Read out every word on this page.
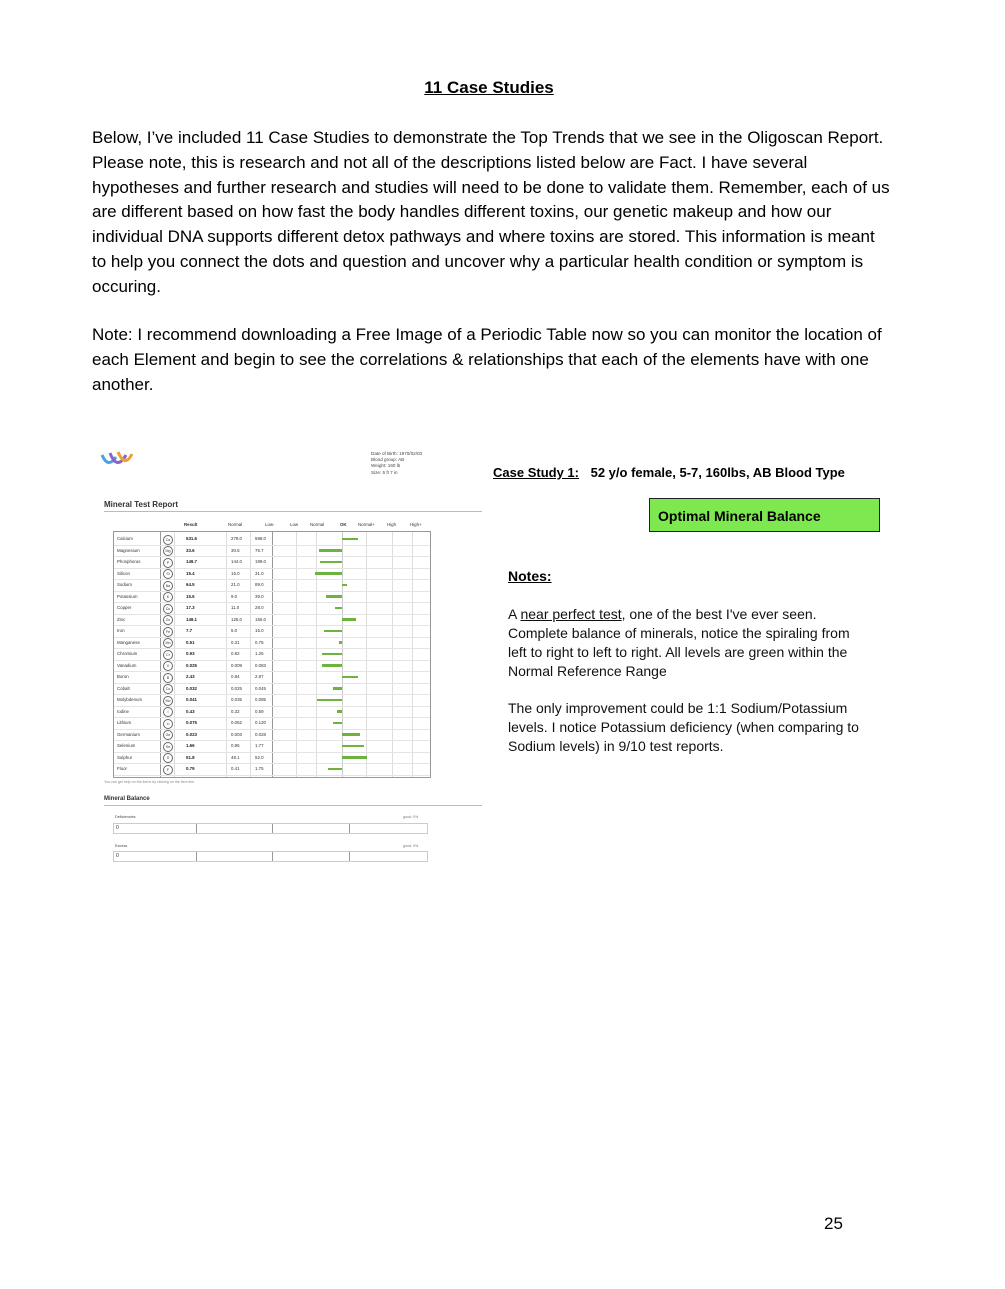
11 Case Studies
Below, I’ve included 11 Case Studies to demonstrate the Top Trends that we see in the Oligoscan Report. Please note, this is research and not all of the descriptions listed below are Fact. I have several hypotheses and further research and studies will need to be done to validate them. Remember, each of us are different based on how fast the body handles different toxins, our genetic makeup and how our individual DNA supports different detox pathways and where toxins are stored. This information is meant to help you connect the dots and question and uncover why a particular health condition or symptom is occuring.
Note: I recommend downloading a Free Image of a Periodic Table now so you can monitor the location of each Element and begin to see the correlations & relationships that each of the elements have with one another.
Date of Birth: 1970/02/03
Blood group: AB
Weight: 160 lb
Size: 5 ft 7 in
Mineral Test Report
Result	Normal	Low-	Low	Normal	OK	Normal+	High	High+
Calcium	Ca	531.6	279.0	598.0
Magnesium	Mg	33.6	30.5	75.7
Phosphorus	P	149.7	144.0	199.0
Silicon	Si	15.4	15.0	31.0
Sodium	Na	64.5	21.0	89.0
Potassium	K	15.6	9.0	39.0
Copper	Cu	17.3	11.0	28.0
Zinc	Zn	149.1	125.0	155.0
Iron	Fe	7.7	5.0	15.0
Manganese	Mn	0.51	0.31	0.75
Chromium	Cr	0.93	0.82	1.25
Vanadium	V	0.025	0.009	0.083
Boron	B	2.43	0.84	2.87
Cobalt	Co	0.032	0.025	0.045
Molybdenum	Mo	0.041	0.035	0.085
Iodine	I	0.43	0.32	0.59
Lithium	Li	0.075	0.052	0.120
Germanium	Ge	0.023	0.003	0.028
Selenium	Se	1.66	0.95	1.77
Sulphur	S	51.8	48.1	52.0
Fluor	F	0.79	0.41	1.75
You can get help on the items by clicking on the item line.
Mineral Balance
Deficiencies	good: 0%
0
Excess	good: 0%
0
Case Study 1: 52 y/o female, 5-7, 160lbs, AB Blood Type
Optimal Mineral Balance
Notes:
A near perfect test, one of the best I've ever seen. Complete balance of minerals, notice the spiraling from left to right to left to right. All levels are green within the Normal Reference Range
The only improvement could be 1:1 Sodium/Potassium levels. I notice Potassium deficiency (when comparing to Sodium levels) in 9/10 test reports.
25
